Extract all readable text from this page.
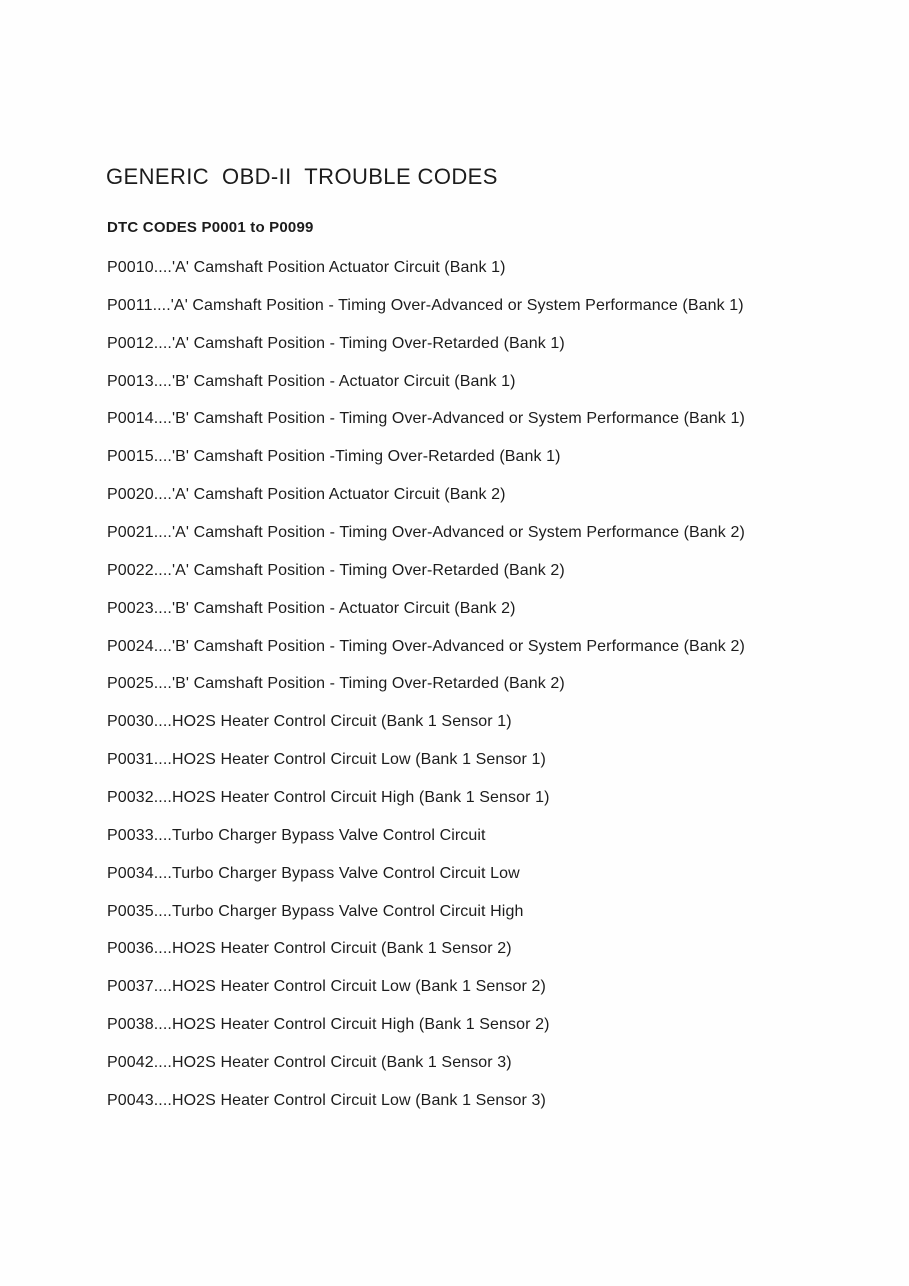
GENERIC  OBD-II  TROUBLE CODES

DTC CODES P0001 to P0099

P0010....'A' Camshaft Position Actuator Circuit (Bank 1)
P0011....'A' Camshaft Position - Timing Over-Advanced or System Performance (Bank 1)
P0012....'A' Camshaft Position - Timing Over-Retarded (Bank 1)
P0013....'B' Camshaft Position - Actuator Circuit (Bank 1)
P0014....'B' Camshaft Position - Timing Over-Advanced or System Performance (Bank 1)
P0015....'B' Camshaft Position -Timing Over-Retarded (Bank 1)
P0020....'A' Camshaft Position Actuator Circuit (Bank 2)
P0021....'A' Camshaft Position - Timing Over-Advanced or System Performance (Bank 2)
P0022....'A' Camshaft Position - Timing Over-Retarded (Bank 2)
P0023....'B' Camshaft Position - Actuator Circuit (Bank 2)
P0024....'B' Camshaft Position - Timing Over-Advanced or System Performance (Bank 2)
P0025....'B' Camshaft Position - Timing Over-Retarded (Bank 2)
P0030....HO2S Heater Control Circuit (Bank 1 Sensor 1)
P0031....HO2S Heater Control Circuit Low (Bank 1 Sensor 1)
P0032....HO2S Heater Control Circuit High (Bank 1 Sensor 1)
P0033....Turbo Charger Bypass Valve Control Circuit
P0034....Turbo Charger Bypass Valve Control Circuit Low
P0035....Turbo Charger Bypass Valve Control Circuit High
P0036....HO2S Heater Control Circuit (Bank 1 Sensor 2)
P0037....HO2S Heater Control Circuit Low (Bank 1 Sensor 2)
P0038....HO2S Heater Control Circuit High (Bank 1 Sensor 2)
P0042....HO2S Heater Control Circuit (Bank 1 Sensor 3)
P0043....HO2S Heater Control Circuit Low (Bank 1 Sensor 3)
